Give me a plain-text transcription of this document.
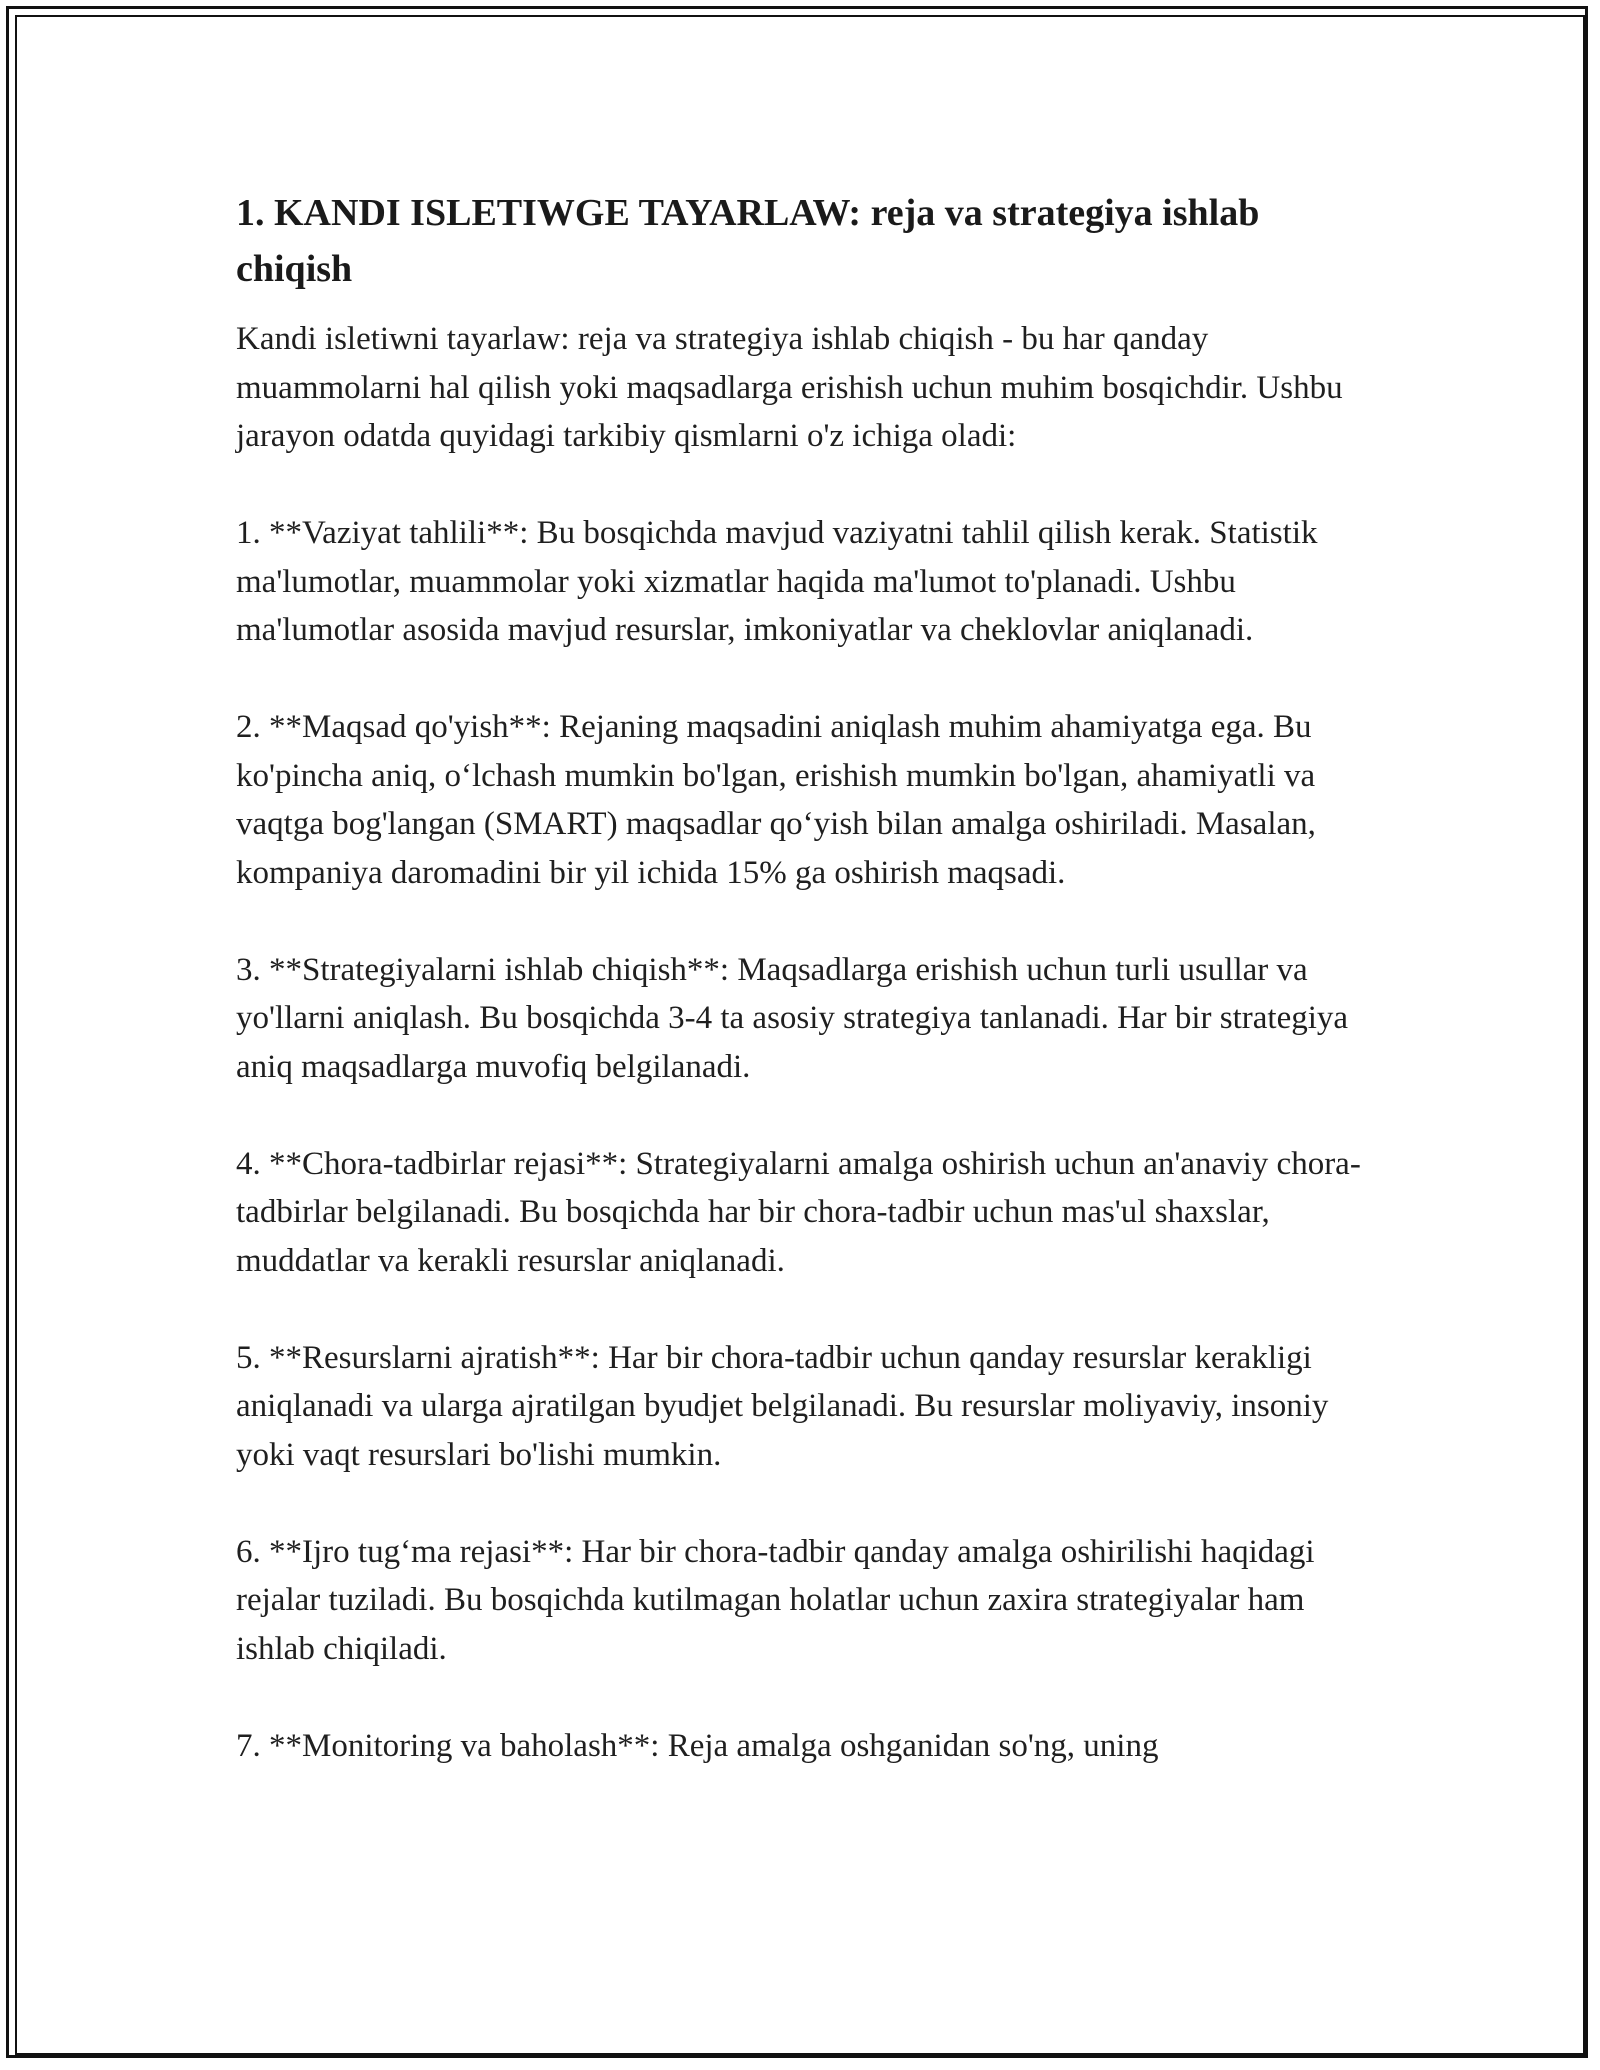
1. KANDI ISLETIWGE TAYARLAW: reja va strategiya ishlab chiqish

Kandi isletiwni tayarlaw: reja va strategiya ishlab chiqish - bu har qanday muammolarni hal qilish yoki maqsadlarga erishish uchun muhim bosqichdir. Ushbu jarayon odatda quyidagi tarkibiy qismlarni o'z ichiga oladi:

1. **Vaziyat tahlili**: Bu bosqichda mavjud vaziyatni tahlil qilish kerak. Statistik ma'lumotlar, muammolar yoki xizmatlar haqida ma'lumot to'planadi. Ushbu ma'lumotlar asosida mavjud resurslar, imkoniyatlar va cheklovlar aniqlanadi.

2. **Maqsad qo'yish**: Rejaning maqsadini aniqlash muhim ahamiyatga ega. Bu ko'pincha aniq, o‘lchash mumkin bo'lgan, erishish mumkin bo'lgan, ahamiyatli va vaqtga bog'langan (SMART) maqsadlar qo‘yish bilan amalga oshiriladi. Masalan, kompaniya daromadini bir yil ichida 15% ga oshirish maqsadi.

3. **Strategiyalarni ishlab chiqish**: Maqsadlarga erishish uchun turli usullar va yo'llarni aniqlash. Bu bosqichda 3-4 ta asosiy strategiya tanlanadi. Har bir strategiya aniq maqsadlarga muvofiq belgilanadi.

4. **Chora-tadbirlar rejasi**: Strategiyalarni amalga oshirish uchun an'anaviy chora-tadbirlar belgilanadi. Bu bosqichda har bir chora-tadbir uchun mas'ul shaxslar, muddatlar va kerakli resurslar aniqlanadi.

5. **Resurslarni ajratish**: Har bir chora-tadbir uchun qanday resurslar kerakligi aniqlanadi va ularga ajratilgan byudjet belgilanadi. Bu resurslar moliyaviy, insoniy yoki vaqt resurslari bo'lishi mumkin.

6. **Ijro tug‘ma rejasi**: Har bir chora-tadbir qanday amalga oshirilishi haqidagi rejalar tuziladi. Bu bosqichda kutilmagan holatlar uchun zaxira strategiyalar ham ishlab chiqiladi.

7. **Monitoring va baholash**: Reja amalga oshganidan so'ng, uning
